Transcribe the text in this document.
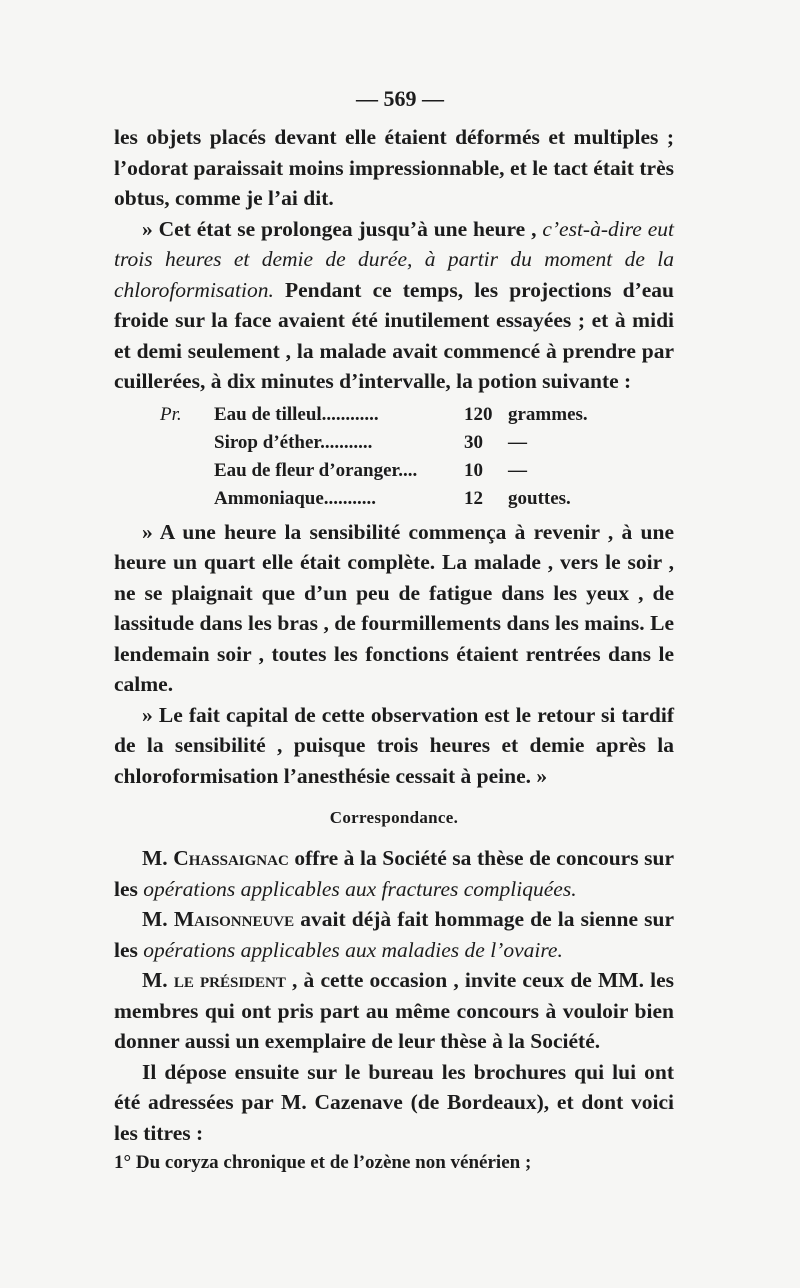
— 569 —

les objets placés devant elle étaient déformés et multiples ; l’odorat paraissait moins impressionnable, et le tact était très obtus, comme je l’ai dit.

» Cet état se prolongea jusqu’à une heure , c’est-à-dire eut trois heures et demie de durée, à partir du moment de la chloroformisation. Pendant ce temps, les projections d’eau froide sur la face avaient été inutilement essayées ; et à midi et demi seulement , la malade avait commencé à prendre par cuillerées, à dix minutes d’intervalle, la potion suivante :

Pr.	Eau de tilleul............	120	grammes.
	Sirop d’éther...........	30	—
	Eau de fleur d’oranger....	10	—
	Ammoniaque...........	12	gouttes.

» A une heure la sensibilité commença à revenir , à une heure un quart elle était complète. La malade , vers le soir , ne se plaignait que d’un peu de fatigue dans les yeux , de lassitude dans les bras , de fourmillements dans les mains. Le lendemain soir , toutes les fonctions étaient rentrées dans le calme.

» Le fait capital de cette observation est le retour si tardif de la sensibilité , puisque trois heures et demie après la chloroformisation l’anesthésie cessait à peine. »

Correspondance.

M. Chassaignac offre à la Société sa thèse de concours sur les opérations applicables aux fractures compliquées.

M. Maisonneuve avait déjà fait hommage de la sienne sur les opérations applicables aux maladies de l’ovaire.

M. le président , à cette occasion , invite ceux de MM. les membres qui ont pris part au même concours à vouloir bien donner aussi un exemplaire de leur thèse à la Société.

Il dépose ensuite sur le bureau les brochures qui lui ont été adressées par M. Cazenave (de Bordeaux), et dont voici les titres :

1° Du coryza chronique et de l’ozène non vénérien ;
